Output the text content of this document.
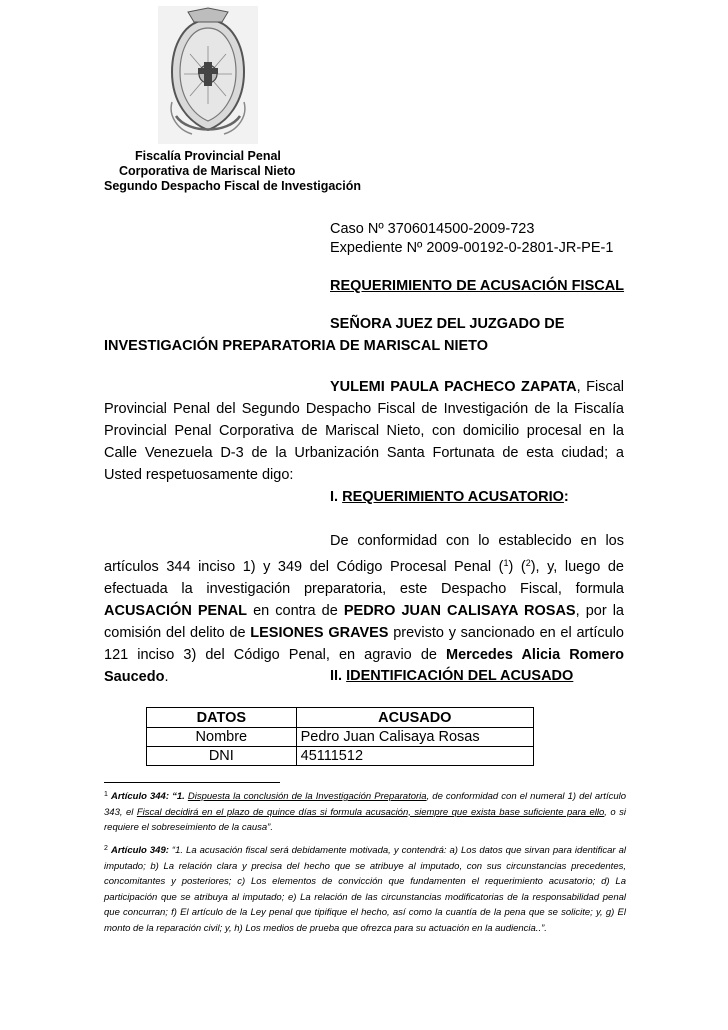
Fiscalía Provincial Penal
Corporativa de Mariscal Nieto
Segundo Despacho Fiscal de Investigación
Caso Nº 3706014500-2009-723
Expediente Nº 2009-00192-0-2801-JR-PE-1
REQUERIMIENTO DE ACUSACIÓN FISCAL
SEÑORA JUEZ DEL JUZGADO DE
INVESTIGACIÓN PREPARATORIA DE MARISCAL NIETO
YULEMI PAULA PACHECO ZAPATA, Fiscal Provincial Penal del Segundo Despacho Fiscal de Investigación de la Fiscalía Provincial Penal Corporativa de Mariscal Nieto, con domicilio procesal en la Calle Venezuela D-3 de la Urbanización Santa Fortunata de esta ciudad; a Usted respetuosamente digo:
I. REQUERIMIENTO ACUSATORIO:
De conformidad con lo establecido en los artículos 344 inciso 1) y 349 del Código Procesal Penal ($^1$) ($^2$), y, luego de efectuada la investigación preparatoria, este Despacho Fiscal, formula ACUSACIÓN PENAL en contra de PEDRO JUAN CALISAYA ROSAS, por la comisión del delito de LESIONES GRAVES previsto y sancionado en el artículo 121 inciso 3) del Código Penal, en agravio de Mercedes Alicia Romero Saucedo.	II. IDENTIFICACIÓN DEL ACUSADO
DATOS	ACUSADO
Nombre	Pedro Juan Calisaya Rosas
DNI	45111512
$^1$ Artículo 344: “1. Dispuesta la conclusión de la Investigación Preparatoria, de conformidad con el numeral 1) del artículo 343, el Fiscal decidirá en el plazo de quince días si formula acusación, siempre que exista base suficiente para ello, o si requiere el sobreseimiento de la causa”.
$^2$ Artículo 349: “1. La acusación fiscal será debidamente motivada, y contendrá: a) Los datos que sirvan para identificar al imputado; b) La relación clara y precisa del hecho que se atribuye al imputado, con sus circunstancias precedentes, concomitantes y posteriores; c) Los elementos de convicción que fundamenten el requerimiento acusatorio; d) La participación que se atribuya al imputado; e) La relación de las circunstancias modificatorias de la responsabilidad penal que concurran; f) El artículo de la Ley penal que tipifique el hecho, así como la cuantía de la pena que se solicite; y, g) El monto de la reparación civil; y, h) Los medios de prueba que ofrezca para su actuación en la audiencia..”.
